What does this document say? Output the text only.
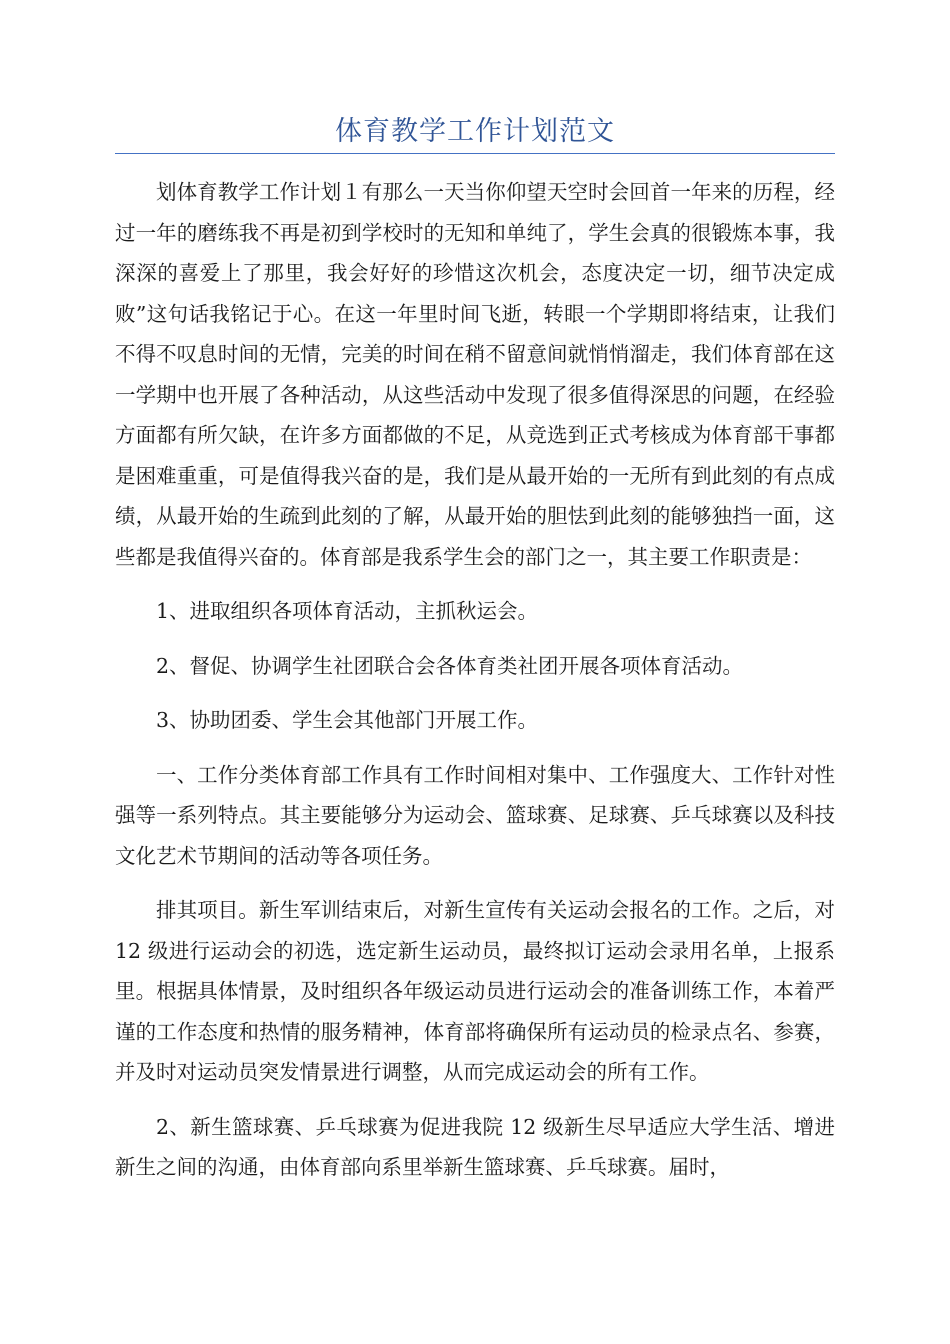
体育教学工作计划范文

划体育教学工作计划１有那么一天当你仰望天空时会回首一年来的历程，经过一年的磨练我不再是初到学校时的无知和单纯了，学生会真的很锻炼本事，我深深的喜爱上了那里，我会好好的珍惜这次机会，态度决定一切，细节决定成败”这句话我铭记于心。在这一年里时间飞逝，转眼一个学期即将结束，让我们不得不叹息时间的无情，完美的时间在稍不留意间就悄悄溜走，我们体育部在这一学期中也开展了各种活动，从这些活动中发现了很多值得深思的问题，在经验方面都有所欠缺，在许多方面都做的不足，从竞选到正式考核成为体育部干事都是困难重重，可是值得我兴奋的是，我们是从最开始的一无所有到此刻的有点成绩，从最开始的生疏到此刻的了解，从最开始的胆怯到此刻的能够独挡一面，这些都是我值得兴奋的。体育部是我系学生会的部门之一，其主要工作职责是：

1、进取组织各项体育活动，主抓秋运会。

2、督促、协调学生社团联合会各体育类社团开展各项体育活动。

3、协助团委、学生会其他部门开展工作。

一、工作分类体育部工作具有工作时间相对集中、工作强度大、工作针对性强等一系列特点。其主要能够分为运动会、篮球赛、足球赛、乒乓球赛以及科技文化艺术节期间的活动等各项任务。

排其项目。新生军训结束后，对新生宣传有关运动会报名的工作。之后，对 12 级进行运动会的初选，选定新生运动员，最终拟订运动会录用名单，上报系里。根据具体情景，及时组织各年级运动员进行运动会的准备训练工作，本着严谨的工作态度和热情的服务精神，体育部将确保所有运动员的检录点名、参赛，并及时对运动员突发情景进行调整，从而完成运动会的所有工作。

2、新生篮球赛、乒乓球赛为促进我院 12 级新生尽早适应大学生活、增进新生之间的沟通，由体育部向系里举新生篮球赛、乒乓球赛。届时，
